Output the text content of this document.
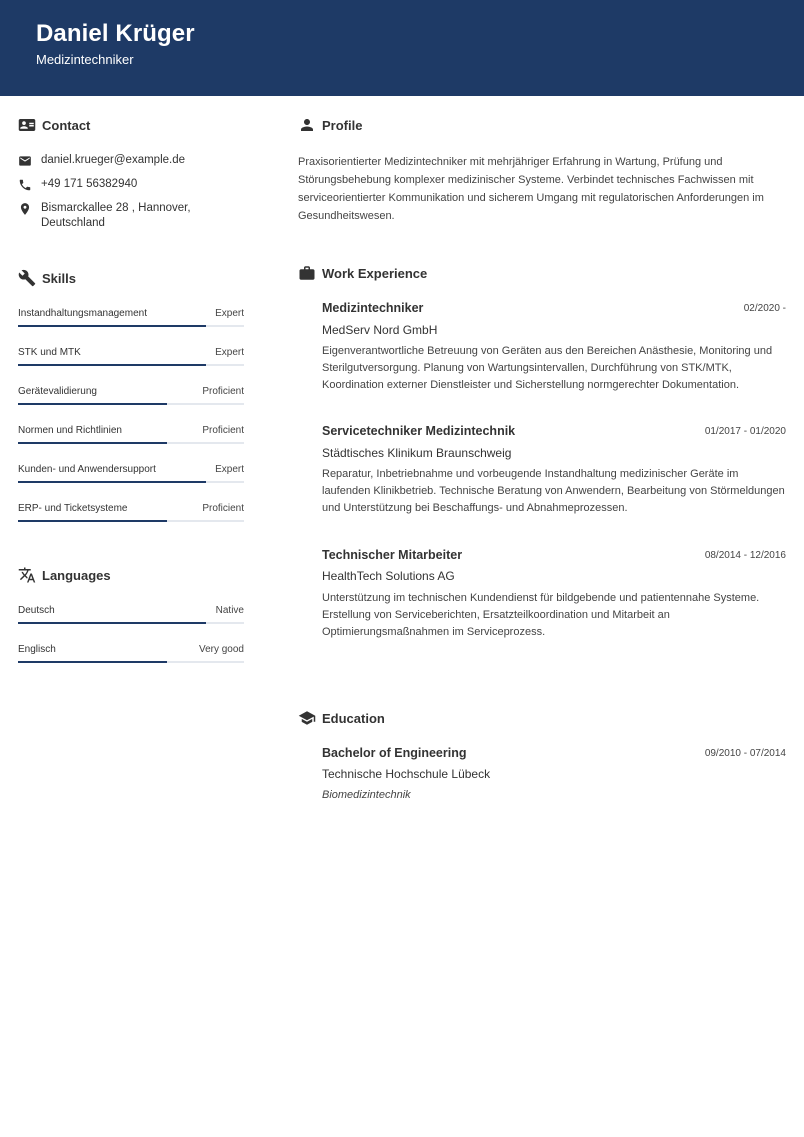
Daniel Krüger
Medizintechniker
Contact
daniel.krueger@example.de
+49 171 56382940
Bismarckallee 28 , Hannover,
Deutschland
Skills
Instandhaltungsmanagement	Expert
STK und MTK	Expert
Gerätevalidierung	Proficient
Normen und Richtlinien	Proficient
Kunden- und Anwendersupport	Expert
ERP- und Ticketsysteme	Proficient
Languages
Deutsch	Native
Englisch	Very good
Profile
Praxisorientierter Medizintechniker mit mehrjähriger Erfahrung in Wartung, Prüfung und Störungsbehebung komplexer medizinischer Systeme. Verbindet technisches Fachwissen mit serviceorientierter Kommunikation und sicherem Umgang mit regulatorischen Anforderungen im Gesundheitswesen.
Work Experience
Medizintechniker	02/2020 -
MedServ Nord GmbH
Eigenverantwortliche Betreuung von Geräten aus den Bereichen Anästhesie, Monitoring und Sterilgutversorgung. Planung von Wartungsintervallen, Durchführung von STK/MTK, Koordination externer Dienstleister und Sicherstellung normgerechter Dokumentation.
Servicetechniker Medizintechnik	01/2017 - 01/2020
Städtisches Klinikum Braunschweig
Reparatur, Inbetriebnahme und vorbeugende Instandhaltung medizinischer Geräte im laufenden Klinikbetrieb. Technische Beratung von Anwendern, Bearbeitung von Störmeldungen und Unterstützung bei Beschaffungs- und Abnahmeprozessen.
Technischer Mitarbeiter	08/2014 - 12/2016
HealthTech Solutions AG
Unterstützung im technischen Kundendienst für bildgebende und patientennahe Systeme. Erstellung von Serviceberichten, Ersatzteilkoordination und Mitarbeit an Optimierungsmaßnahmen im Serviceprozess.
Education
Bachelor of Engineering	09/2010 - 07/2014
Technische Hochschule Lübeck
Biomedizintechnik
